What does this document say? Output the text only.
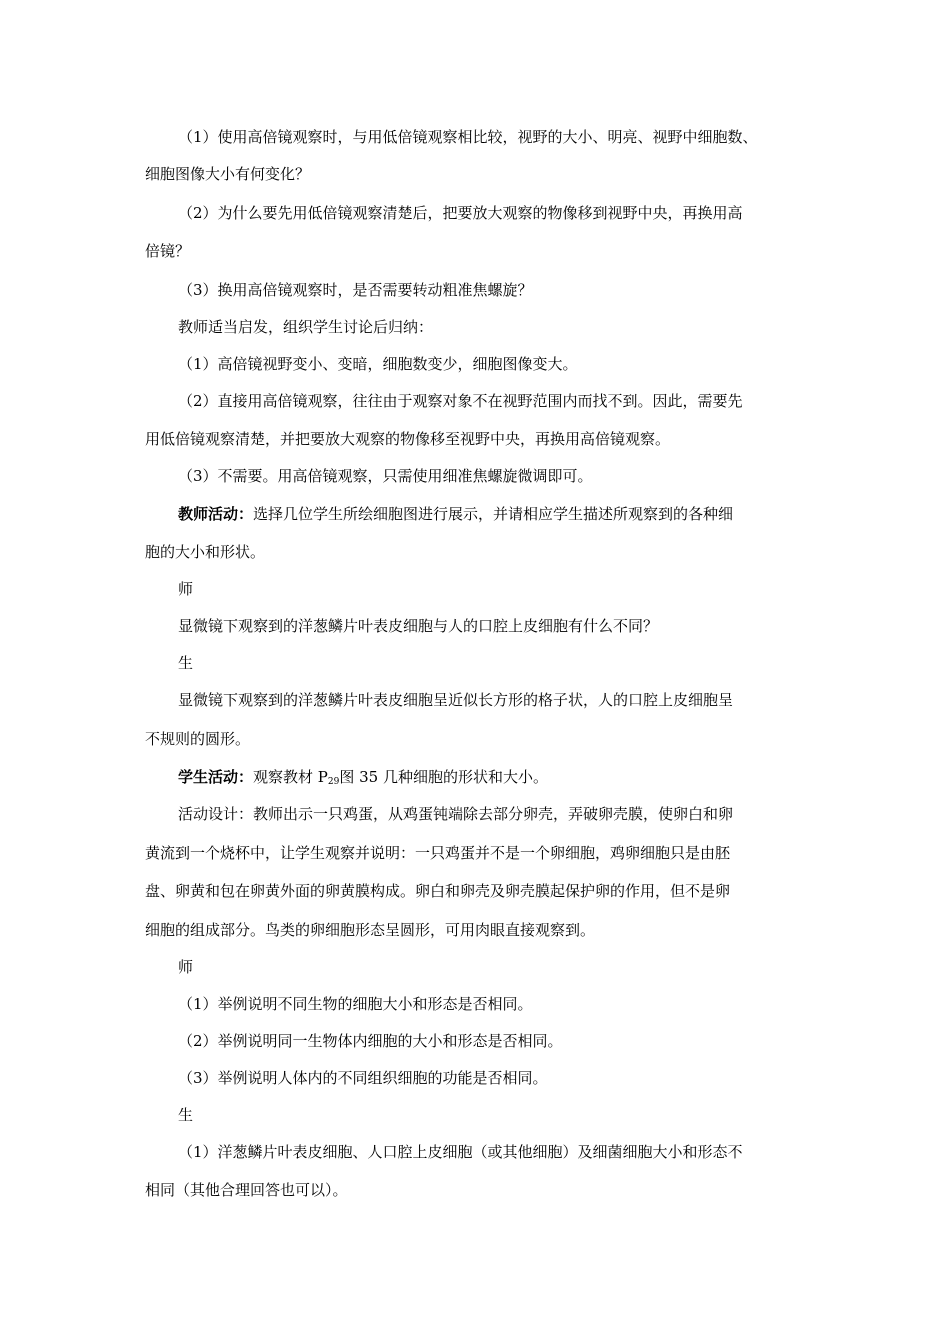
（1）使用高倍镜观察时，与用低倍镜观察相比较，视野的大小、明亮、视野中细胞数、
细胞图像大小有何变化？
（2）为什么要先用低倍镜观察清楚后，把要放大观察的物像移到视野中央，再换用高
倍镜？
（3）换用高倍镜观察时，是否需要转动粗准焦螺旋？
教师适当启发，组织学生讨论后归纳：
（1）高倍镜视野变小、变暗，细胞数变少，细胞图像变大。
（2）直接用高倍镜观察，往往由于观察对象不在视野范围内而找不到。因此，需要先
用低倍镜观察清楚，并把要放大观察的物像移至视野中央，再换用高倍镜观察。
（3）不需要。用高倍镜观察，只需使用细准焦螺旋微调即可。
教师活动：选择几位学生所绘细胞图进行展示，并请相应学生描述所观察到的各种细
胞的大小和形状。
师
显微镜下观察到的洋葱鳞片叶表皮细胞与人的口腔上皮细胞有什么不同？
生
显微镜下观察到的洋葱鳞片叶表皮细胞呈近似长方形的格子状，人的口腔上皮细胞呈
不规则的圆形。
学生活动：观察教材 $P_{29}$图 35 几种细胞的形状和大小。
活动设计：教师出示一只鸡蛋，从鸡蛋钝端除去部分卵壳，弄破卵壳膜，使卵白和卵
黄流到一个烧杯中，让学生观察并说明：一只鸡蛋并不是一个卵细胞，鸡卵细胞只是由胚
盘、卵黄和包在卵黄外面的卵黄膜构成。卵白和卵壳及卵壳膜起保护卵的作用，但不是卵
细胞的组成部分。鸟类的卵细胞形态呈圆形，可用肉眼直接观察到。
师
（1）举例说明不同生物的细胞大小和形态是否相同。
（2）举例说明同一生物体内细胞的大小和形态是否相同。
（3）举例说明人体内的不同组织细胞的功能是否相同。
生
（1）洋葱鳞片叶表皮细胞、人口腔上皮细胞（或其他细胞）及细菌细胞大小和形态不
相同（其他合理回答也可以）。
